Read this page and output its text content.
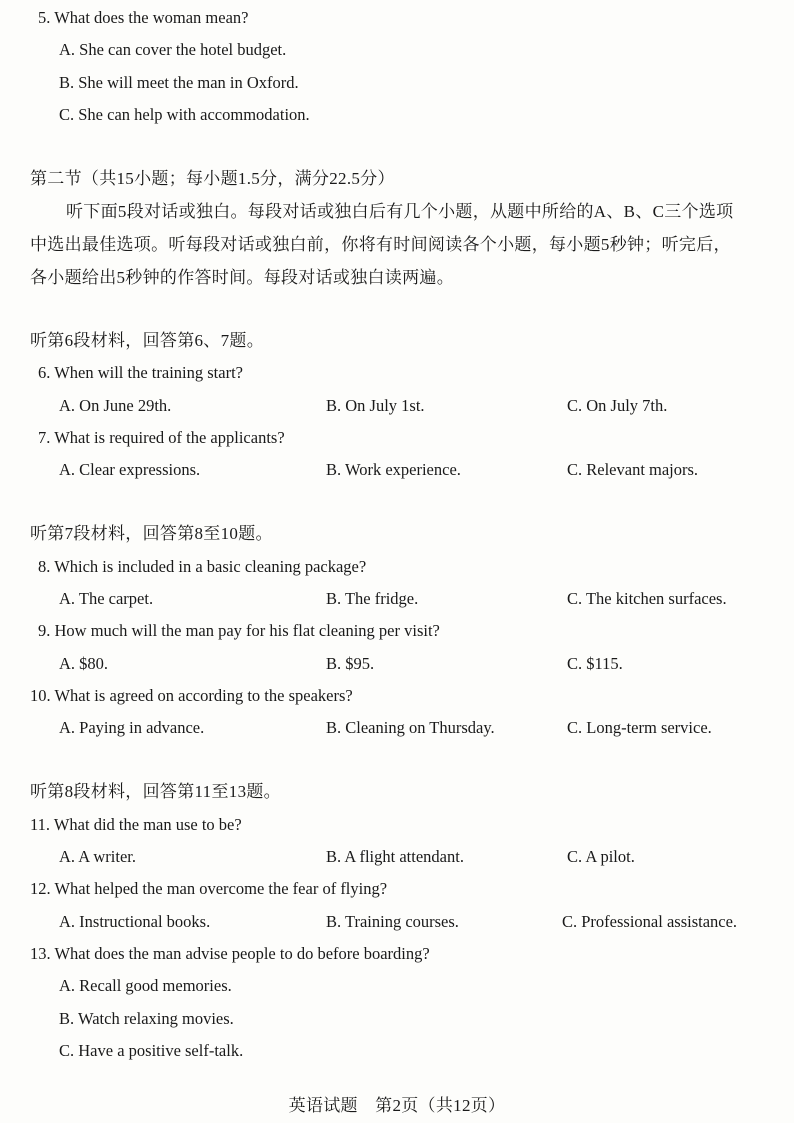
5. What does the woman mean?
A. She can cover the hotel budget.
B. She will meet the man in Oxford.
C. She can help with accommodation.
第二节（共15小题；每小题1.5分，满分22.5分）
听下面5段对话或独白。每段对话或独白后有几个小题，从题中所给的A、B、C三个选项
中选出最佳选项。听每段对话或独白前，你将有时间阅读各个小题，每小题5秒钟；听完后，
各小题给出5秒钟的作答时间。每段对话或独白读两遍。
听第6段材料，回答第6、7题。
6. When will the training start?
A. On June 29th.	B. On July 1st.	C. On July 7th.
7. What is required of the applicants?
A. Clear expressions.	B. Work experience.	C. Relevant majors.
听第7段材料，回答第8至10题。
8. Which is included in a basic cleaning package?
A. The carpet.	B. The fridge.	C. The kitchen surfaces.
9. How much will the man pay for his flat cleaning per visit?
A. $80.	B. $95.	C. $115.
10. What is agreed on according to the speakers?
A. Paying in advance.	B. Cleaning on Thursday.	C. Long-term service.
听第8段材料，回答第11至13题。
11. What did the man use to be?
A. A writer.	B. A flight attendant.	C. A pilot.
12. What helped the man overcome the fear of flying?
A. Instructional books.	B. Training courses.	C. Professional assistance.
13. What does the man advise people to do before boarding?
A. Recall good memories.
B. Watch relaxing movies.
C. Have a positive self-talk.
英语试题　第2页（共12页）
